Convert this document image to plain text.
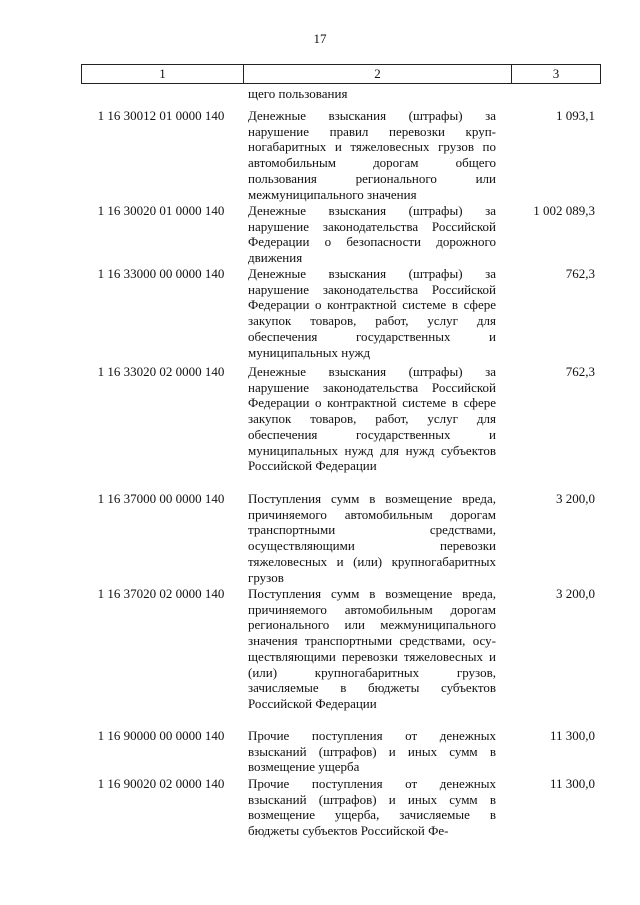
17
1	2	3
щего пользования
1 16 30012 01 0000 140	Денежные взыскания (штрафы) за нарушение правил перевозки крупногабаритных и тяжеловесных грузов по автомобильным дорогам общего пользования регионального или межмуниципального значения
1 093,1
1 16 30020 01 0000 140	Денежные взыскания (штрафы) за нарушение законодательства Российской Федерации о безопасности дорожного движения
1 002 089,3
1 16 33000 00 0000 140	Денежные взыскания (штрафы) за нарушение законодательства Российской Федерации о контрактной системе в сфере закупок товаров, работ, услуг для обеспечения государственных и муниципальных нужд
762,3
1 16 33020 02 0000 140	Денежные взыскания (штрафы) за нарушение законодательства Российской Федерации о контрактной системе в сфере закупок товаров, работ, услуг для обеспечения государственных и муниципальных нужд для нужд субъектов Российской Федерации
762,3
1 16 37000 00 0000 140	Поступления сумм в возмещение вреда, причиняемого автомобильным дорогам транспортными средствами, осуществляющими перевозки тяжеловесных и (или) крупногабаритных грузов
3 200,0
1 16 37020 02 0000 140	Поступления сумм в возмещение вреда, причиняемого автомобильным дорогам регионального или межмуниципального значения транспортными средствами, осуществляющими перевозки тяжеловесных и (или) крупногабаритных грузов, зачисляемые в бюджеты субъектов Российской Федерации
3 200,0
1 16 90000 00 0000 140	Прочие поступления от денежных взысканий (штрафов) и иных сумм в возмещение ущерба
11 300,0
1 16 90020 02 0000 140	Прочие поступления от денежных взысканий (штрафов) и иных сумм в возмещение ущерба, зачисляемые в бюджеты субъектов Российской Фе-
11 300,0
